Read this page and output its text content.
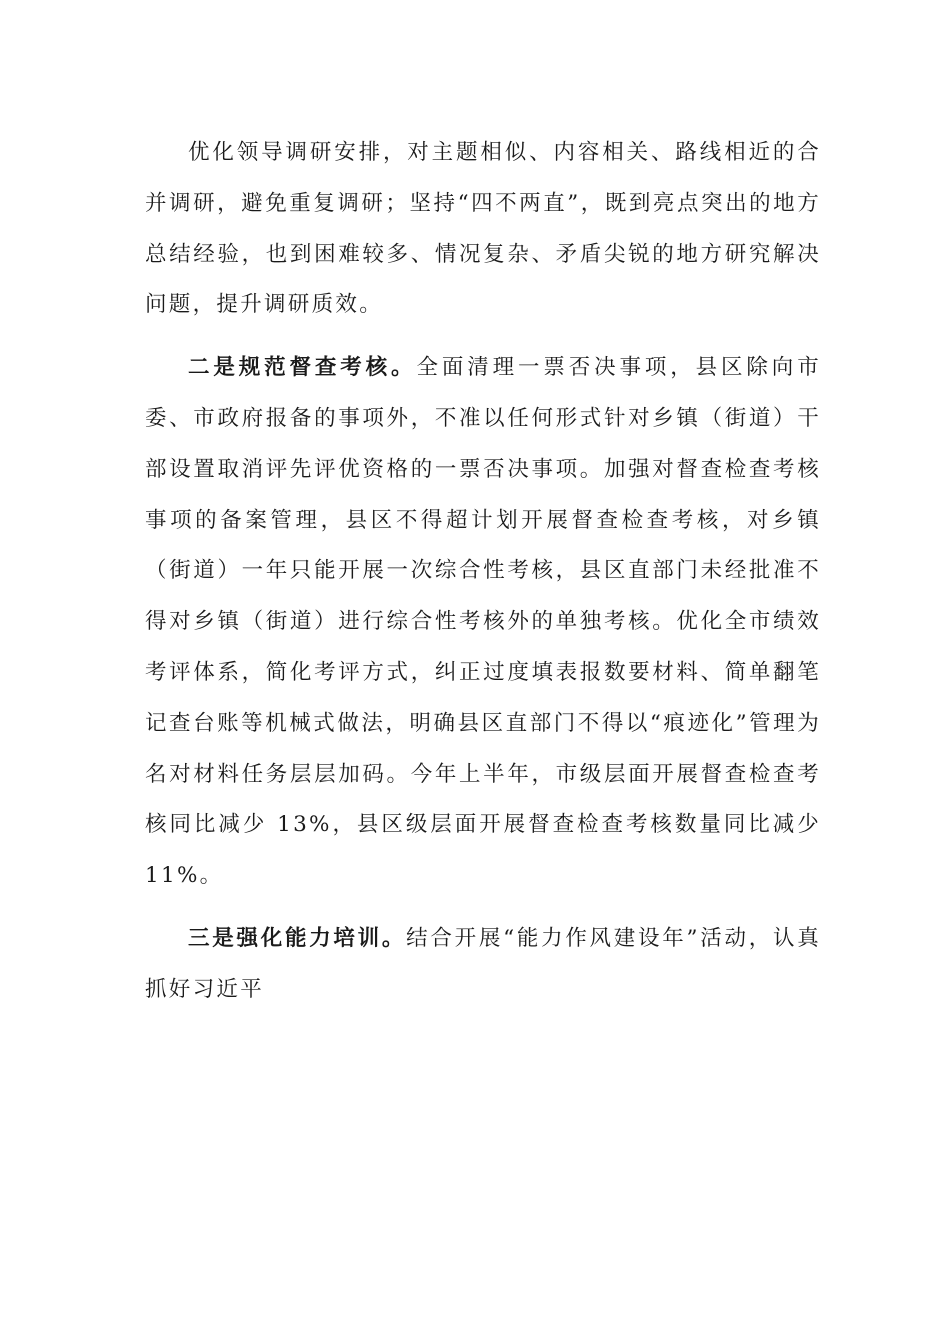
优化领导调研安排，对主题相似、内容相关、路线相近的合并调研，避免重复调研；坚持“四不两直”，既到亮点突出的地方总结经验，也到困难较多、情况复杂、矛盾尖锐的地方研究解决问题，提升调研质效。

二是规范督查考核。全面清理一票否决事项，县区除向市委、市政府报备的事项外，不准以任何形式针对乡镇（街道）干部设置取消评先评优资格的一票否决事项。加强对督查检查考核事项的备案管理，县区不得超计划开展督查检查考核，对乡镇（街道）一年只能开展一次综合性考核，县区直部门未经批准不得对乡镇（街道）进行综合性考核外的单独考核。优化全市绩效考评体系，简化考评方式，纠正过度填表报数要材料、简单翻笔记查台账等机械式做法，明确县区直部门不得以“痕迹化”管理为名对材料任务层层加码。今年上半年，市级层面开展督查检查考核同比减少 13%，县区级层面开展督查检查考核数量同比减少 11%。

三是强化能力培训。结合开展“能力作风建设年”活动，认真抓好习近平
